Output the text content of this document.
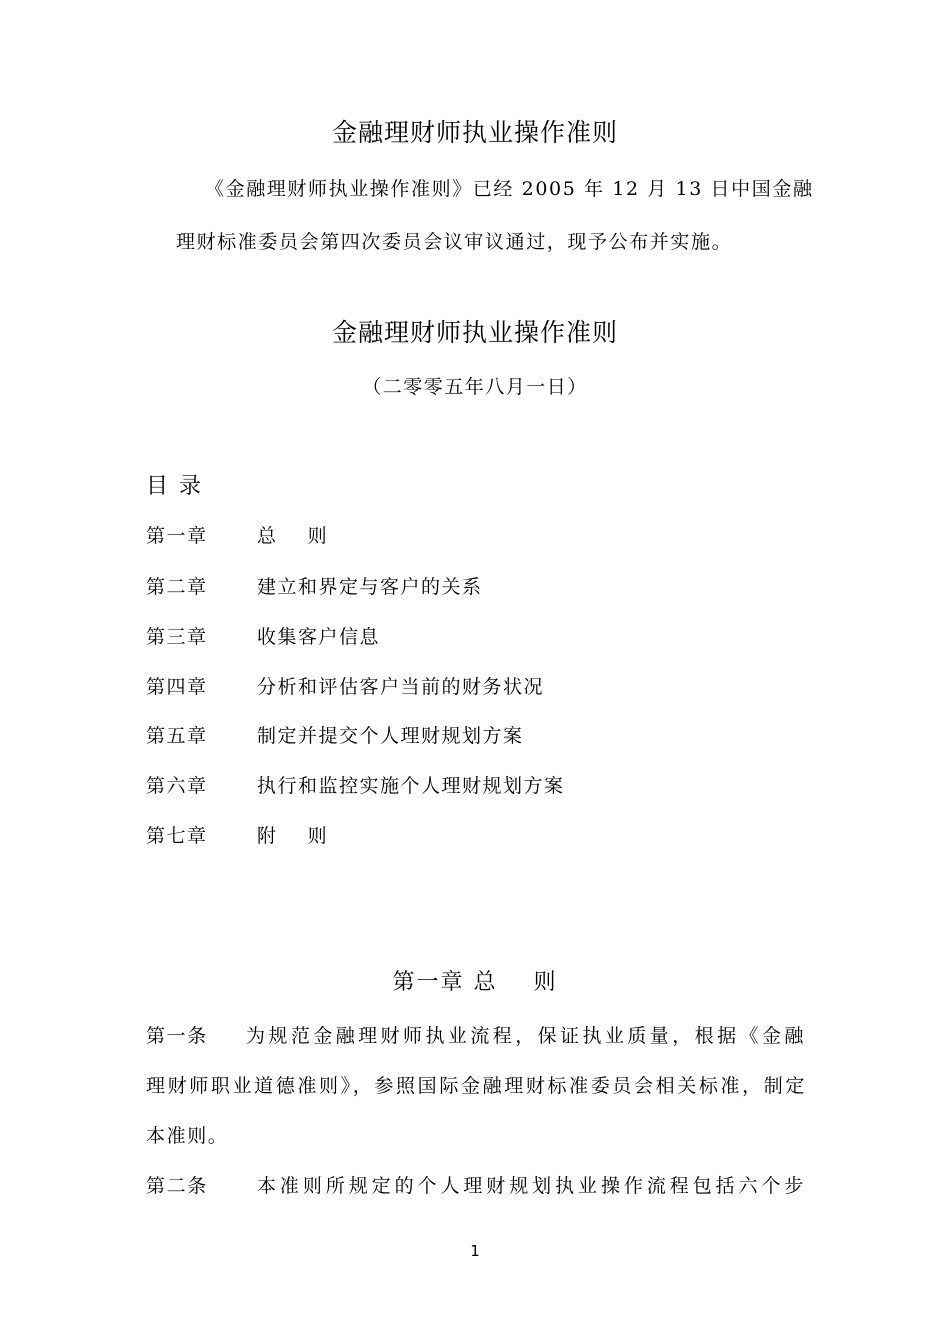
金融理财师执业操作准则
《金融理财师执业操作准则》已经 2005 年 12 月 13 日中国金融
理财标准委员会第四次委员会议审议通过，现予公布并实施。
金融理财师执业操作准则
（二零零五年八月一日）
目 录
第一章	总    则
第二章	建立和界定与客户的关系
第三章	收集客户信息
第四章	分析和评估客户当前的财务状况
第五章	制定并提交个人理财规划方案
第六章	执行和监控实施个人理财规划方案
第七章	附    则
第一章 总    则
第一条 为规范金融理财师执业流程，保证执业质量，根据《金融
理财师职业道德准则》，参照国际金融理财标准委员会相关标准，制定
本准则。
第二条	本准则所规定的个人理财规划执业操作流程包括六个步
1
